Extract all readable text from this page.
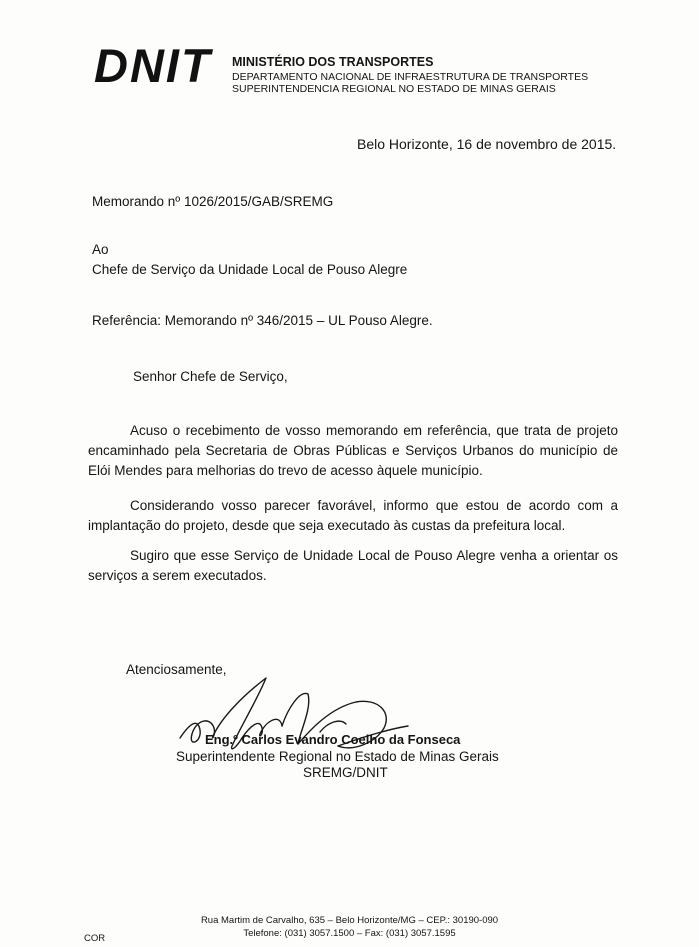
DNIT MINISTÉRIO DOS TRANSPORTES
DEPARTAMENTO NACIONAL DE INFRAESTRUTURA DE TRANSPORTES
SUPERINTENDENCIA REGIONAL NO ESTADO DE MINAS GERAIS
Belo Horizonte, 16 de novembro de 2015.
Memorando nº 1026/2015/GAB/SREMG
Ao
Chefe de Serviço da Unidade Local de Pouso Alegre
Referência: Memorando nº 346/2015 – UL Pouso Alegre.
Senhor Chefe de Serviço,
Acuso o recebimento de vosso memorando em referência, que trata de projeto encaminhado pela Secretaria de Obras Públicas e Serviços Urbanos do município de Elói Mendes para melhorias do trevo de acesso àquele município.
Considerando vosso parecer favorável, informo que estou de acordo com a implantação do projeto, desde que seja executado às custas da prefeitura local.
Sugiro que esse Serviço de Unidade Local de Pouso Alegre venha a orientar os serviços a serem executados.
Atenciosamente,
Eng.º Carlos Evandro Coelho da Fonseca
Superintendente Regional no Estado de Minas Gerais
SREMG/DNIT
Rua Martim de Carvalho, 635 – Belo Horizonte/MG – CEP.: 30190-090
Telefone: (031) 3057.1500 – Fax: (031) 3057.1595
COR
